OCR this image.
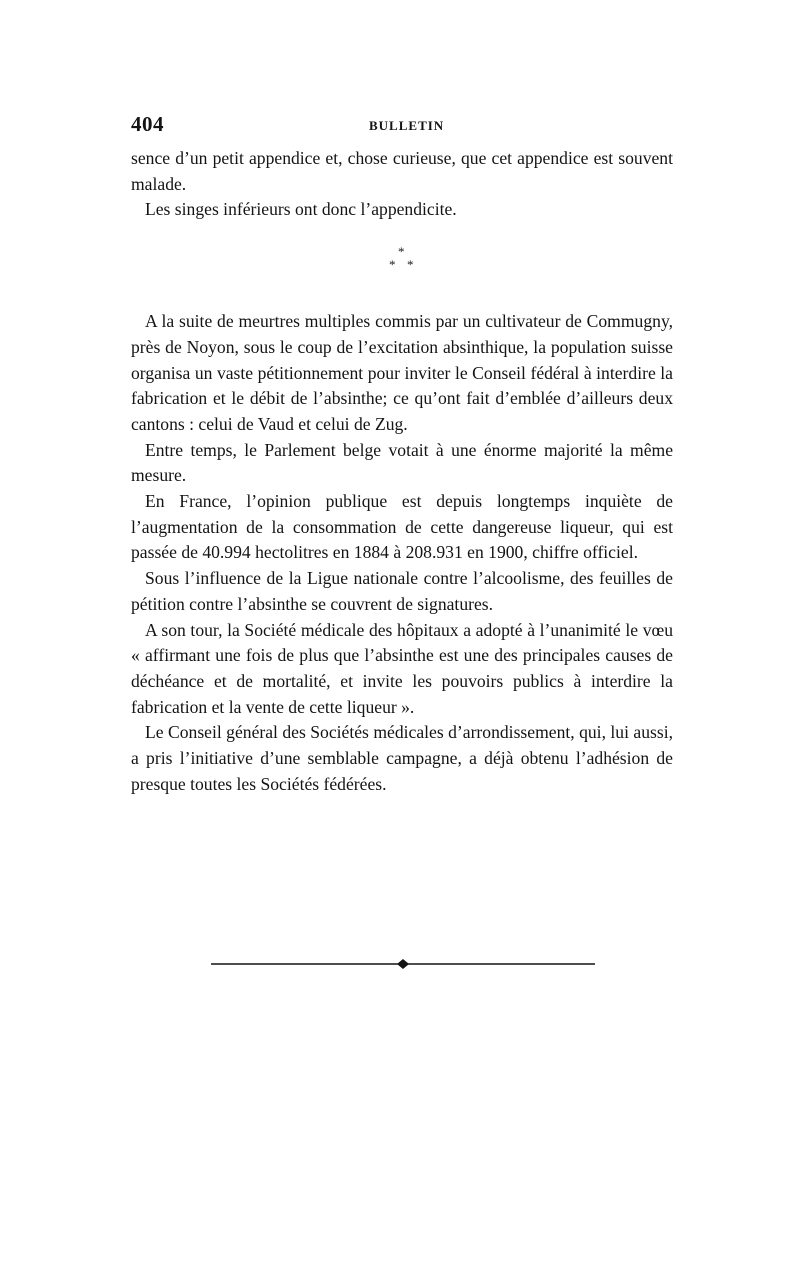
404	BULLETIN

sence d’un petit appendice et, chose curieuse, que cet appendice est souvent malade.

Les singes inférieurs ont donc l’appendicite.

*
* *

A la suite de meurtres multiples commis par un cultivateur de Commugny, près de Noyon, sous le coup de l’excitation absinthique, la population suisse organisa un vaste pétitionnement pour inviter le Conseil fédéral à interdire la fabrication et le débit de l’absinthe; ce qu’ont fait d’emblée d’ailleurs deux cantons : celui de Vaud et celui de Zug.

Entre temps, le Parlement belge votait à une énorme majorité la même mesure.

En France, l’opinion publique est depuis longtemps inquiète de l’augmentation de la consommation de cette dangereuse liqueur, qui est passée de 40.994 hectolitres en 1884 à 208.931 en 1900, chiffre officiel.

Sous l’influence de la Ligue nationale contre l’alcoolisme, des feuilles de pétition contre l’absinthe se couvrent de signatures.

A son tour, la Société médicale des hôpitaux a adopté à l’unanimité le vœu « affirmant une fois de plus que l’absinthe est une des principales causes de déchéance et de mortalité, et invite les pouvoirs publics à interdire la fabrication et la vente de cette liqueur ».

Le Conseil général des Sociétés médicales d’arrondissement, qui, lui aussi, a pris l’initiative d’une semblable campagne, a déjà obtenu l’adhésion de presque toutes les Sociétés fédérées.
